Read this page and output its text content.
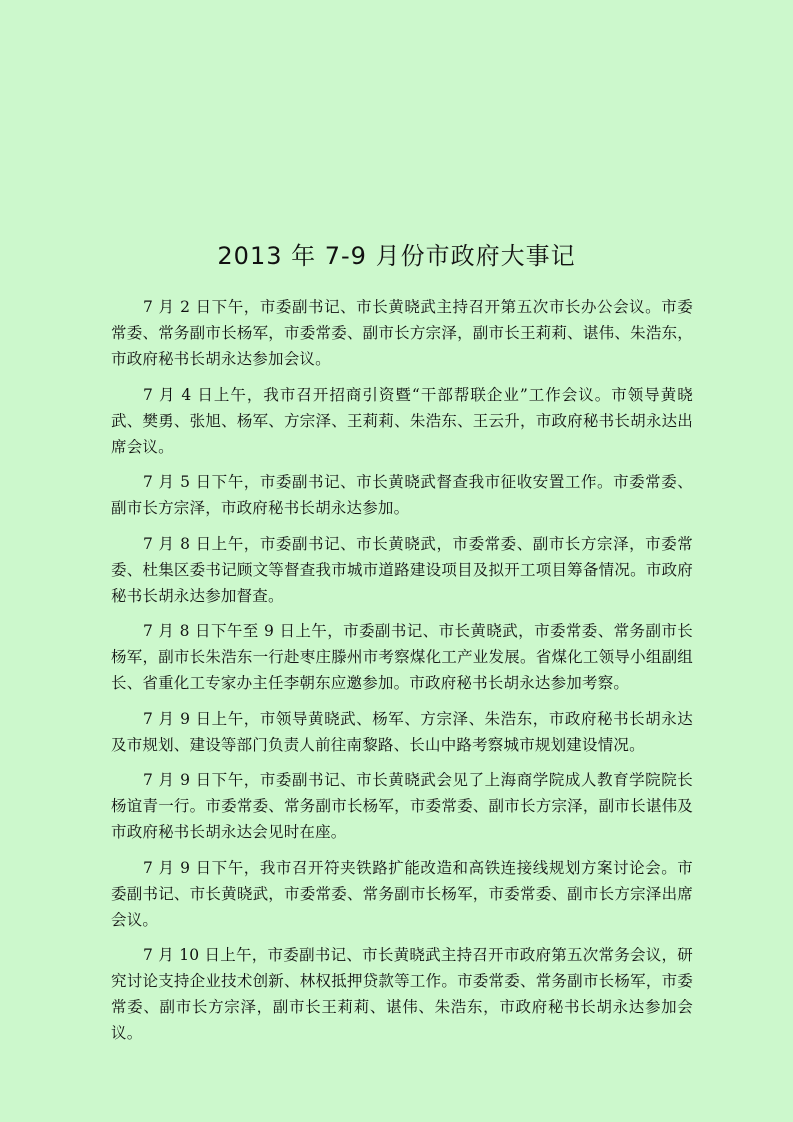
2013 年 7-9 月份市政府大事记

7 月 2 日下午，市委副书记、市长黄晓武主持召开第五次市长办公会议。市委常委、常务副市长杨军，市委常委、副市长方宗泽，副市长王莉莉、谌伟、朱浩东，市政府秘书长胡永达参加会议。

7 月 4 日上午，我市召开招商引资暨“干部帮联企业”工作会议。市领导黄晓武、樊勇、张旭、杨军、方宗泽、王莉莉、朱浩东、王云升，市政府秘书长胡永达出席会议。

7 月 5 日下午，市委副书记、市长黄晓武督查我市征收安置工作。市委常委、副市长方宗泽，市政府秘书长胡永达参加。

7 月 8 日上午，市委副书记、市长黄晓武，市委常委、副市长方宗泽，市委常委、杜集区委书记顾文等督查我市城市道路建设项目及拟开工项目筹备情况。市政府秘书长胡永达参加督查。

7 月 8 日下午至 9 日上午，市委副书记、市长黄晓武，市委常委、常务副市长杨军，副市长朱浩东一行赴枣庄滕州市考察煤化工产业发展。省煤化工领导小组副组长、省重化工专家办主任李朝东应邀参加。市政府秘书长胡永达参加考察。

7 月 9 日上午，市领导黄晓武、杨军、方宗泽、朱浩东，市政府秘书长胡永达及市规划、建设等部门负责人前往南黎路、长山中路考察城市规划建设情况。

7 月 9 日下午，市委副书记、市长黄晓武会见了上海商学院成人教育学院院长杨谊青一行。市委常委、常务副市长杨军，市委常委、副市长方宗泽，副市长谌伟及市政府秘书长胡永达会见时在座。

7 月 9 日下午，我市召开符夹铁路扩能改造和高铁连接线规划方案讨论会。市委副书记、市长黄晓武，市委常委、常务副市长杨军，市委常委、副市长方宗泽出席会议。

7 月 10 日上午，市委副书记、市长黄晓武主持召开市政府第五次常务会议，研究讨论支持企业技术创新、林权抵押贷款等工作。市委常委、常务副市长杨军，市委常委、副市长方宗泽，副市长王莉莉、谌伟、朱浩东，市政府秘书长胡永达参加会议。
